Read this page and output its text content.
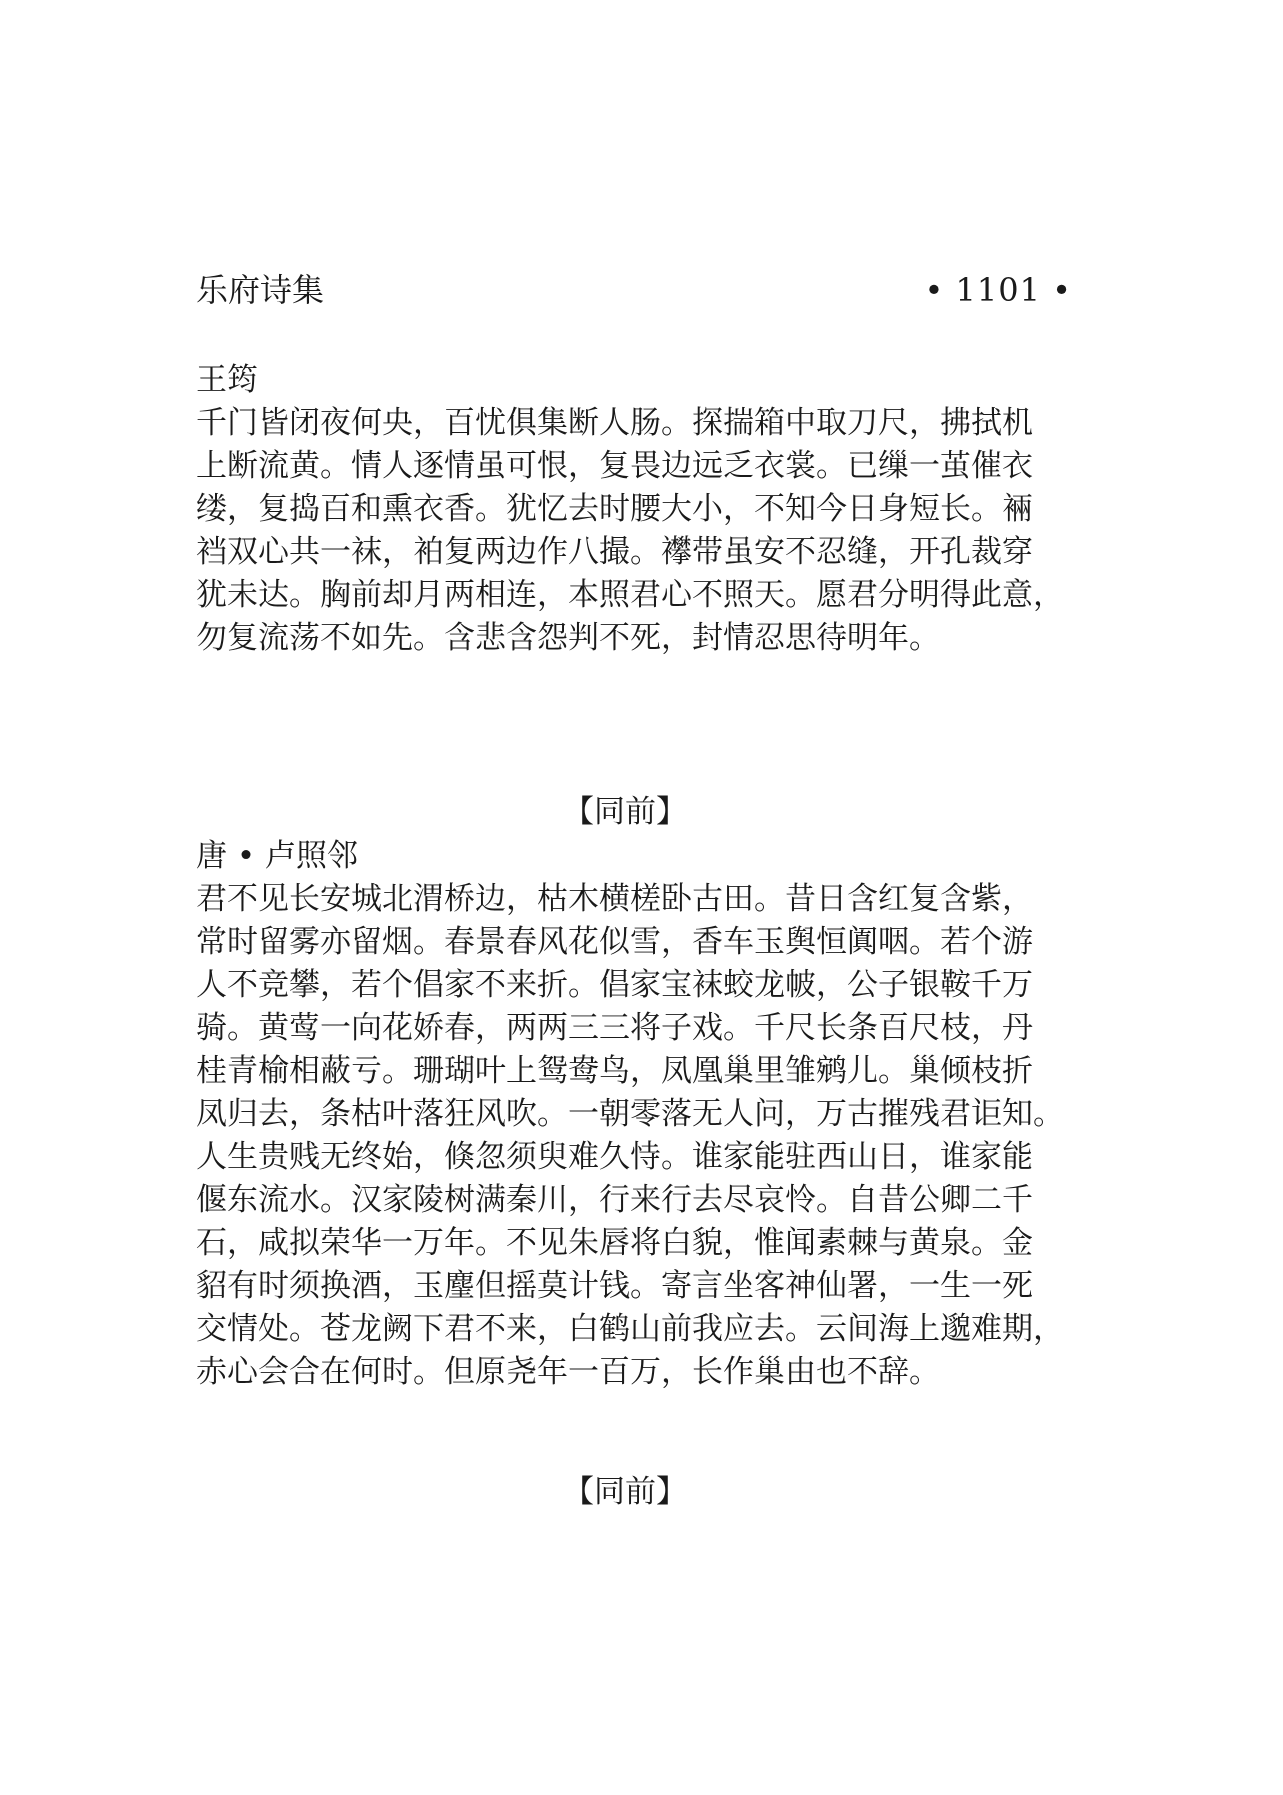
乐府诗集	• 1101 •
王筠

千门皆闭夜何央，百忧俱集断人肠。探揣箱中取刀尺，拂拭机
上断流黄。情人逐情虽可恨，复畏边远乏衣裳。已缫一茧催衣
缕，复捣百和熏衣香。犹忆去时腰大小，不知今日身短长。裲
裆双心共一袜，袙复两边作八撮。襻带虽安不忍缝，开孔裁穿
犹未达。胸前却月两相连，本照君心不照天。愿君分明得此意，
勿复流荡不如先。含悲含怨判不死，封情忍思待明年。

【同前】
唐 • 卢照邻

君不见长安城北渭桥边，枯木横槎卧古田。昔日含红复含紫，
常时留雾亦留烟。春景春风花似雪，香车玉舆恒阗咽。若个游
人不竞攀，若个倡家不来折。倡家宝袜蛟龙帔，公子银鞍千万
骑。黄莺一向花娇春，两两三三将子戏。千尺长条百尺枝，丹
桂青榆相蔽亏。珊瑚叶上鸳鸯鸟，凤凰巢里雏鹓儿。巢倾枝折
凤归去，条枯叶落狂风吹。一朝零落无人问，万古摧残君讵知。
人生贵贱无终始，倏忽须臾难久恃。谁家能驻西山日，谁家能
偃东流水。汉家陵树满秦川，行来行去尽哀怜。自昔公卿二千
石，咸拟荣华一万年。不见朱唇将白貌，惟闻素棘与黄泉。金
貂有时须换酒，玉麈但摇莫计钱。寄言坐客神仙署，一生一死
交情处。苍龙阙下君不来，白鹤山前我应去。云间海上邈难期，
赤心会合在何时。但原尧年一百万，长作巢由也不辞。

【同前】
